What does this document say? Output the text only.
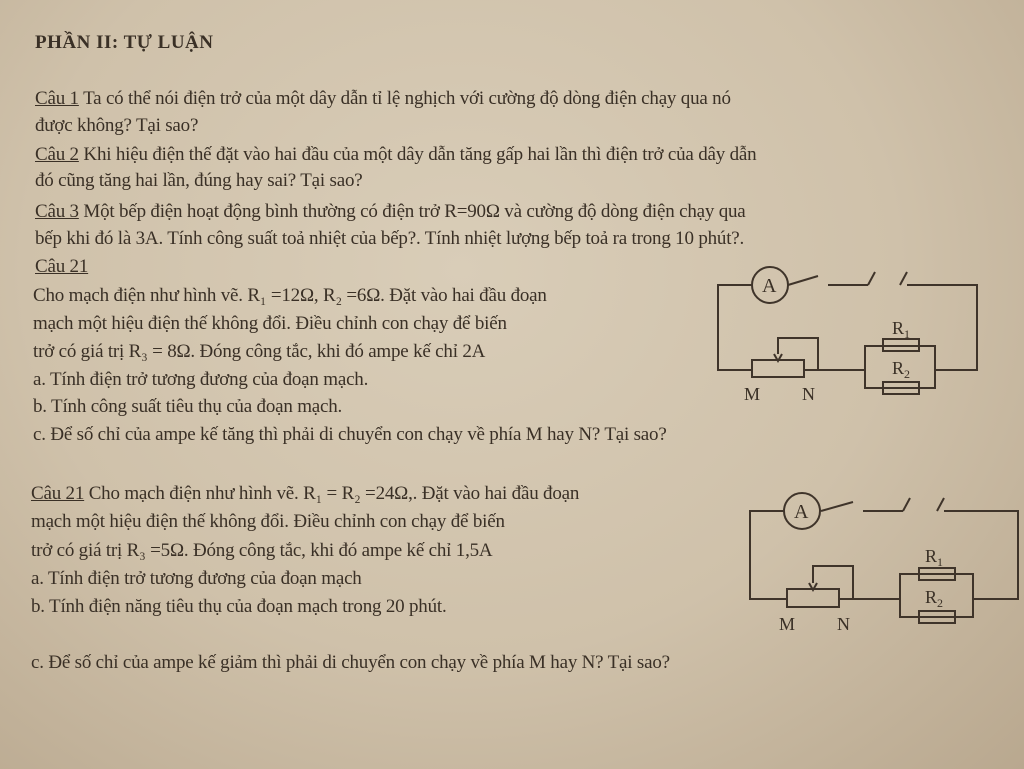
PHẦN II: TỰ LUẬN
Câu 1 Ta có thể nói điện trở của một dây dẫn tỉ lệ nghịch với cường độ dòng điện chạy qua nó
được không? Tại sao?
Câu 2 Khi hiệu điện thế đặt vào hai đầu của một dây dẫn tăng gấp hai lần thì điện trở của dây dẫn
đó cũng tăng hai lần, đúng hay sai? Tại sao?
Câu 3 Một bếp điện hoạt động bình thường có điện trở R=90Ω và cường độ dòng điện chạy qua
bếp khi đó là 3A. Tính công suất toả nhiệt của bếp?. Tính nhiệt lượng bếp toả ra trong 10 phút?.
Câu 21
Cho mạch điện như hình vẽ. R₁ =12Ω, R₂ =6Ω. Đặt vào hai đầu đoạn
mạch một hiệu điện thế không đổi. Điều chỉnh con chạy để biến
trở có giá trị R₃ = 8Ω. Đóng công tắc, khi đó ampe kế chỉ 2A
a. Tính điện trở tương đương của đoạn mạch.
b. Tính công suất tiêu thụ của đoạn mạch.
c. Để số chỉ của ampe kế tăng thì phải di chuyển con chạy về phía M hay N? Tại sao?
A
$R_1$
$R_2$
M N
Câu 21 Cho mạch điện như hình vẽ. R₁ = R₂ =24Ω,. Đặt vào hai đầu đoạn
mạch một hiệu điện thế không đổi. Điều chỉnh con chạy để biến
trở có giá trị R₃ =5Ω. Đóng công tắc, khi đó ampe kế chỉ 1,5A
a. Tính điện trở tương đương của đoạn mạch
b. Tính điện năng tiêu thụ của đoạn mạch trong 20 phút.
c. Để số chỉ của ampe kế giảm thì phải di chuyển con chạy về phía M hay N? Tại sao?
A
$R_1$
$R_2$
M N
